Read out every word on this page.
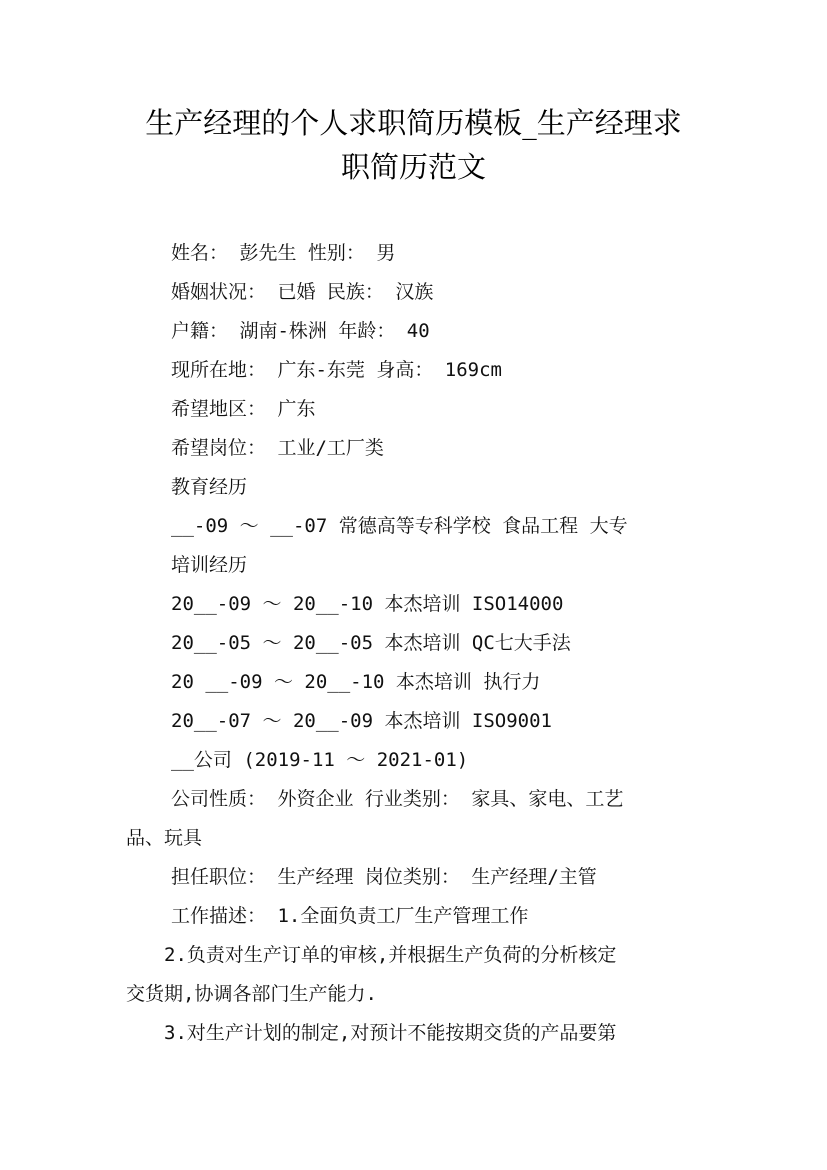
生产经理的个人求职简历模板_生产经理求
职简历范文
姓名： 彭先生 性别： 男
婚姻状况： 已婚 民族： 汉族
户籍： 湖南-株洲 年龄： 40
现所在地： 广东-东莞 身高： 169cm
希望地区： 广东
希望岗位： 工业/工厂类
教育经历
__-09 ～ __-07 常德高等专科学校 食品工程 大专
培训经历
20__-09 ～ 20__-10 本杰培训 ISO14000
20__-05 ～ 20__-05 本杰培训 QC七大手法
20 __-09 ～ 20__-10 本杰培训 执行力
20__-07 ～ 20__-09 本杰培训 ISO9001
__公司 (2019-11 ～ 2021-01)
公司性质： 外资企业 行业类别： 家具、家电、工艺
品、玩具
担任职位： 生产经理 岗位类别： 生产经理/主管
工作描述： 1.全面负责工厂生产管理工作
2.负责对生产订单的审核,并根据生产负荷的分析核定
交货期,协调各部门生产能力.
3.对生产计划的制定,对预计不能按期交货的产品要第
